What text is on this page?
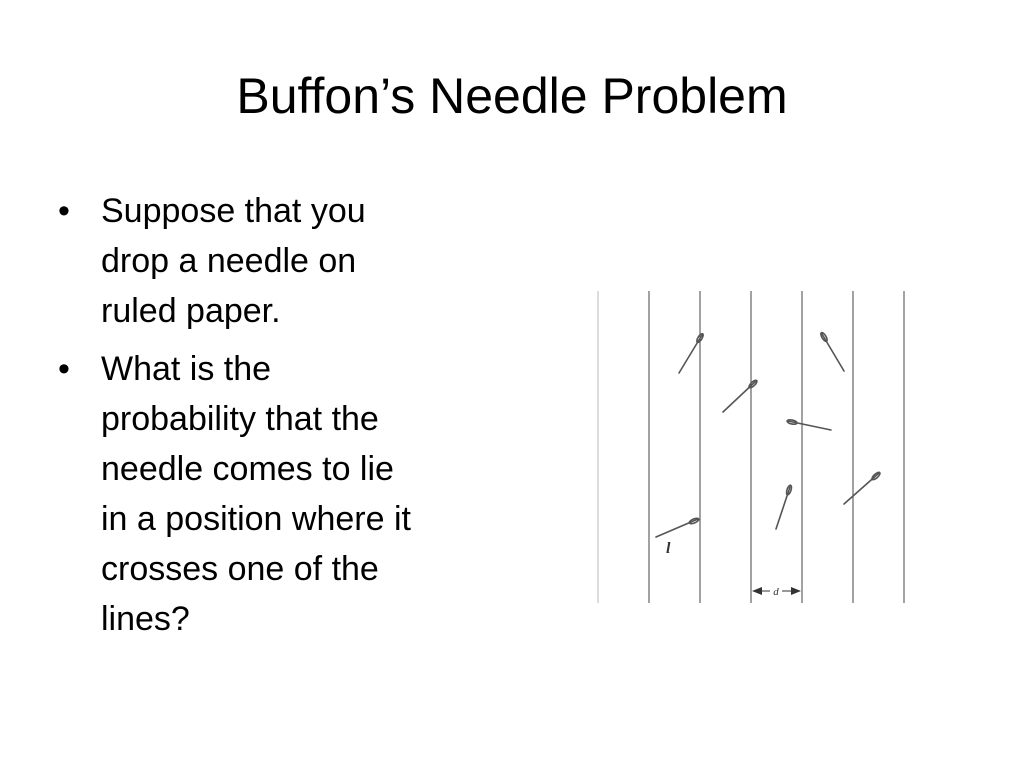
Buffon’s Needle Problem
• Suppose that you
drop a needle on
ruled paper.
• What is the
probability that the
needle comes to lie
in a position where it
crosses one of the
lines?
l
d
